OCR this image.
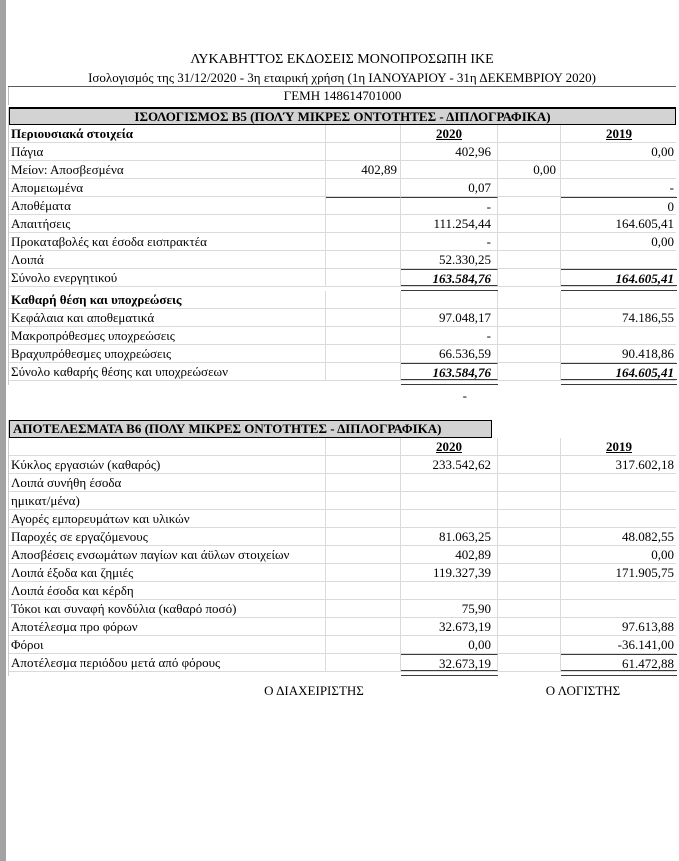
ΛΥΚΑΒΗΤΤΟΣ ΕΚΔΟΣΕΙΣ ΜΟΝΟΠΡΟΣΩΠΗ ΙΚΕ
Ισολογισμός της 31/12/2020 - 3η εταιρική χρήση (1η ΙΑΝΟΥΑΡΙΟΥ - 31η ΔΕΚΕΜΒΡΙΟΥ 2020)
ΓΕΜΗ 148614701000
ΙΣΟΛΟΓΙΣΜΟΣ Β5 (ΠΟΛΎ ΜΙΚΡΕΣ ΟΝΤΟΤΗΤΕΣ - ΔΙΠΛΟΓΡΑΦΙΚΑ)
Περιουσιακά στοιχεία	2020	2019
Πάγια	402,96	0,00
Μείον: Αποσβεσμένα	402,89	0,00
Απομειωμένα	0,07	-
Αποθέματα	-	0
Απαιτήσεις	111.254,44	164.605,41
Προκαταβολές και έσοδα εισπρακτέα	-	0,00
Λοιπά	52.330,25
Σύνολο ενεργητικού	163.584,76	164.605,41
Καθαρή θέση και υποχρεώσεις
Κεφάλαια και αποθεματικά	97.048,17	74.186,55
Μακροπρόθεσμες υποχρεώσεις	-
Βραχυπρόθεσμες υποχρεώσεις	66.536,59	90.418,86
Σύνολο καθαρής θέσης και υποχρεώσεων	163.584,76	164.605,41
-
ΑΠΟΤΕΛΕΣΜΑΤΑ Β6 (ΠΟΛΥ ΜΙΚΡΕΣ ΟΝΤΟΤΗΤΕΣ - ΔΙΠΛΟΓΡΑΦΙΚΑ)
2020	2019
Κύκλος εργασιών (καθαρός)	233.542,62	317.602,18
Λοιπά συνήθη έσοδα
ημικατ/μένα)
Αγορές εμπορευμάτων και υλικών
Παροχές σε εργαζόμενους	81.063,25	48.082,55
Αποσβέσεις ενσωμάτων παγίων και άϋλων στοιχείων	402,89	0,00
Λοιπά έξοδα και ζημιές	119.327,39	171.905,75
Λοιπά έσοδα και κέρδη
Τόκοι και συναφή κονδύλια (καθαρό ποσό)	75,90
Αποτέλεσμα προ φόρων	32.673,19	97.613,88
Φόροι	0,00	-36.141,00
Αποτέλεσμα περιόδου μετά από φόρους	32.673,19	61.472,88
Ο ΔΙΑΧΕΙΡΙΣΤΗΣ	Ο ΛΟΓΙΣΤΗΣ
